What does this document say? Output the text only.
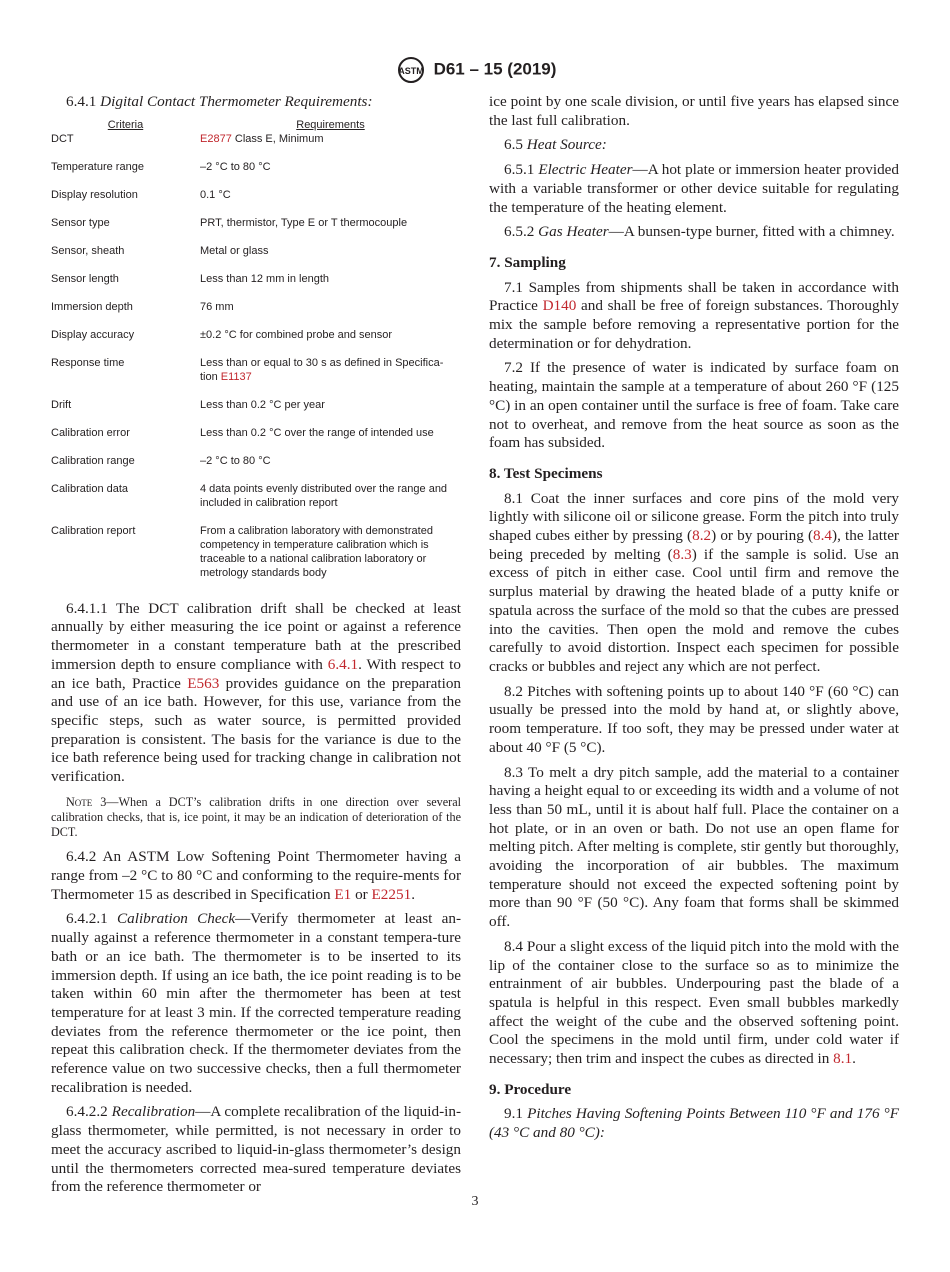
ASTM D61 – 15 (2019)
6.4.1 Digital Contact Thermometer Requirements:
Criteria	Requirements
DCT	E2877 Class E, Minimum
Temperature range	–2 °C to 80 °C
Display resolution	0.1 °C
Sensor type	PRT, thermistor, Type E or T thermocouple
Sensor, sheath	Metal or glass
Sensor length	Less than 12 mm in length
Immersion depth	76 mm
Display accuracy	±0.2 °C for combined probe and sensor
Response time	Less than or equal to 30 s as defined in Specifica-tion E1137
Drift	Less than 0.2 °C per year
Calibration error	Less than 0.2 °C over the range of intended use
Calibration range	–2 °C to 80 °C
Calibration data	4 data points evenly distributed over the range and included in calibration report
Calibration report	From a calibration laboratory with demonstrated competency in temperature calibration which is traceable to a national calibration laboratory or metrology standards body
6.4.1.1 The DCT calibration drift shall be checked at least annually by either measuring the ice point or against a reference thermometer in a constant temperature bath at the prescribed immersion depth to ensure compliance with 6.4.1. With respect to an ice bath, Practice E563 provides guidance on the preparation and use of an ice bath. However, for this use, variance from the specific steps, such as water source, is permitted provided preparation is consistent. The basis for the variance is due to the ice bath reference being used for tracking change in calibration not verification.
Note 3—When a DCT’s calibration drifts in one direction over several calibration checks, that is, ice point, it may be an indication of deterioration of the DCT.
6.4.2 An ASTM Low Softening Point Thermometer having a range from –2 °C to 80 °C and conforming to the require-ments for Thermometer 15 as described in Specification E1 or E2251.
6.4.2.1 Calibration Check—Verify thermometer at least an-nually against a reference thermometer in a constant tempera-ture bath or an ice bath. The thermometer is to be inserted to its immersion depth. If using an ice bath, the ice point reading is to be taken within 60 min after the thermometer has been at test temperature for at least 3 min. If the corrected temperature reading deviates from the reference thermometer or the ice point, then repeat this calibration check. If the thermometer deviates from the reference value on two successive checks, then a full thermometer recalibration is needed.
6.4.2.2 Recalibration—A complete recalibration of the liquid-in-glass thermometer, while permitted, is not necessary in order to meet the accuracy ascribed to liquid-in-glass thermometer’s design until the thermometers corrected mea-sured temperature deviates from the reference thermometer or
ice point by one scale division, or until five years has elapsed since the last full calibration.
6.5 Heat Source:
6.5.1 Electric Heater—A hot plate or immersion heater provided with a variable transformer or other device suitable for regulating the temperature of the heating element.
6.5.2 Gas Heater—A bunsen-type burner, fitted with a chimney.
7. Sampling
7.1 Samples from shipments shall be taken in accordance with Practice D140 and shall be free of foreign substances. Thoroughly mix the sample before removing a representative portion for the determination or for dehydration.
7.2 If the presence of water is indicated by surface foam on heating, maintain the sample at a temperature of about 260 °F (125 °C) in an open container until the surface is free of foam. Take care not to overheat, and remove from the heat source as soon as the foam has subsided.
8. Test Specimens
8.1 Coat the inner surfaces and core pins of the mold very lightly with silicone oil or silicone grease. Form the pitch into truly shaped cubes either by pressing (8.2) or by pouring (8.4), the latter being preceded by melting (8.3) if the sample is solid. Use an excess of pitch in either case. Cool until firm and remove the surplus material by drawing the heated blade of a putty knife or spatula across the surface of the mold so that the cubes are pressed into the cavities. Then open the mold and remove the cubes carefully to avoid distortion. Inspect each specimen for possible cracks or bubbles and reject any which are not perfect.
8.2 Pitches with softening points up to about 140 °F (60 °C) can usually be pressed into the mold by hand at, or slightly above, room temperature. If too soft, they may be pressed under water at about 40 °F (5 °C).
8.3 To melt a dry pitch sample, add the material to a container having a height equal to or exceeding its width and a volume of not less than 50 mL, until it is about half full. Place the container on a hot plate, or in an oven or bath. Do not use an open flame for melting pitch. After melting is complete, stir gently but thoroughly, avoiding the incorporation of air bubbles. The maximum temperature should not exceed the expected softening point by more than 90 °F (50 °C). Any foam that forms shall be skimmed off.
8.4 Pour a slight excess of the liquid pitch into the mold with the lip of the container close to the surface so as to minimize the entrainment of air bubbles. Underpouring past the blade of a spatula is helpful in this respect. Even small bubbles markedly affect the weight of the cube and the observed softening point. Cool the specimens in the mold until firm, under cold water if necessary; then trim and inspect the cubes as directed in 8.1.
9. Procedure
9.1 Pitches Having Softening Points Between 110 °F and 176 °F (43 °C and 80 °C):
3
